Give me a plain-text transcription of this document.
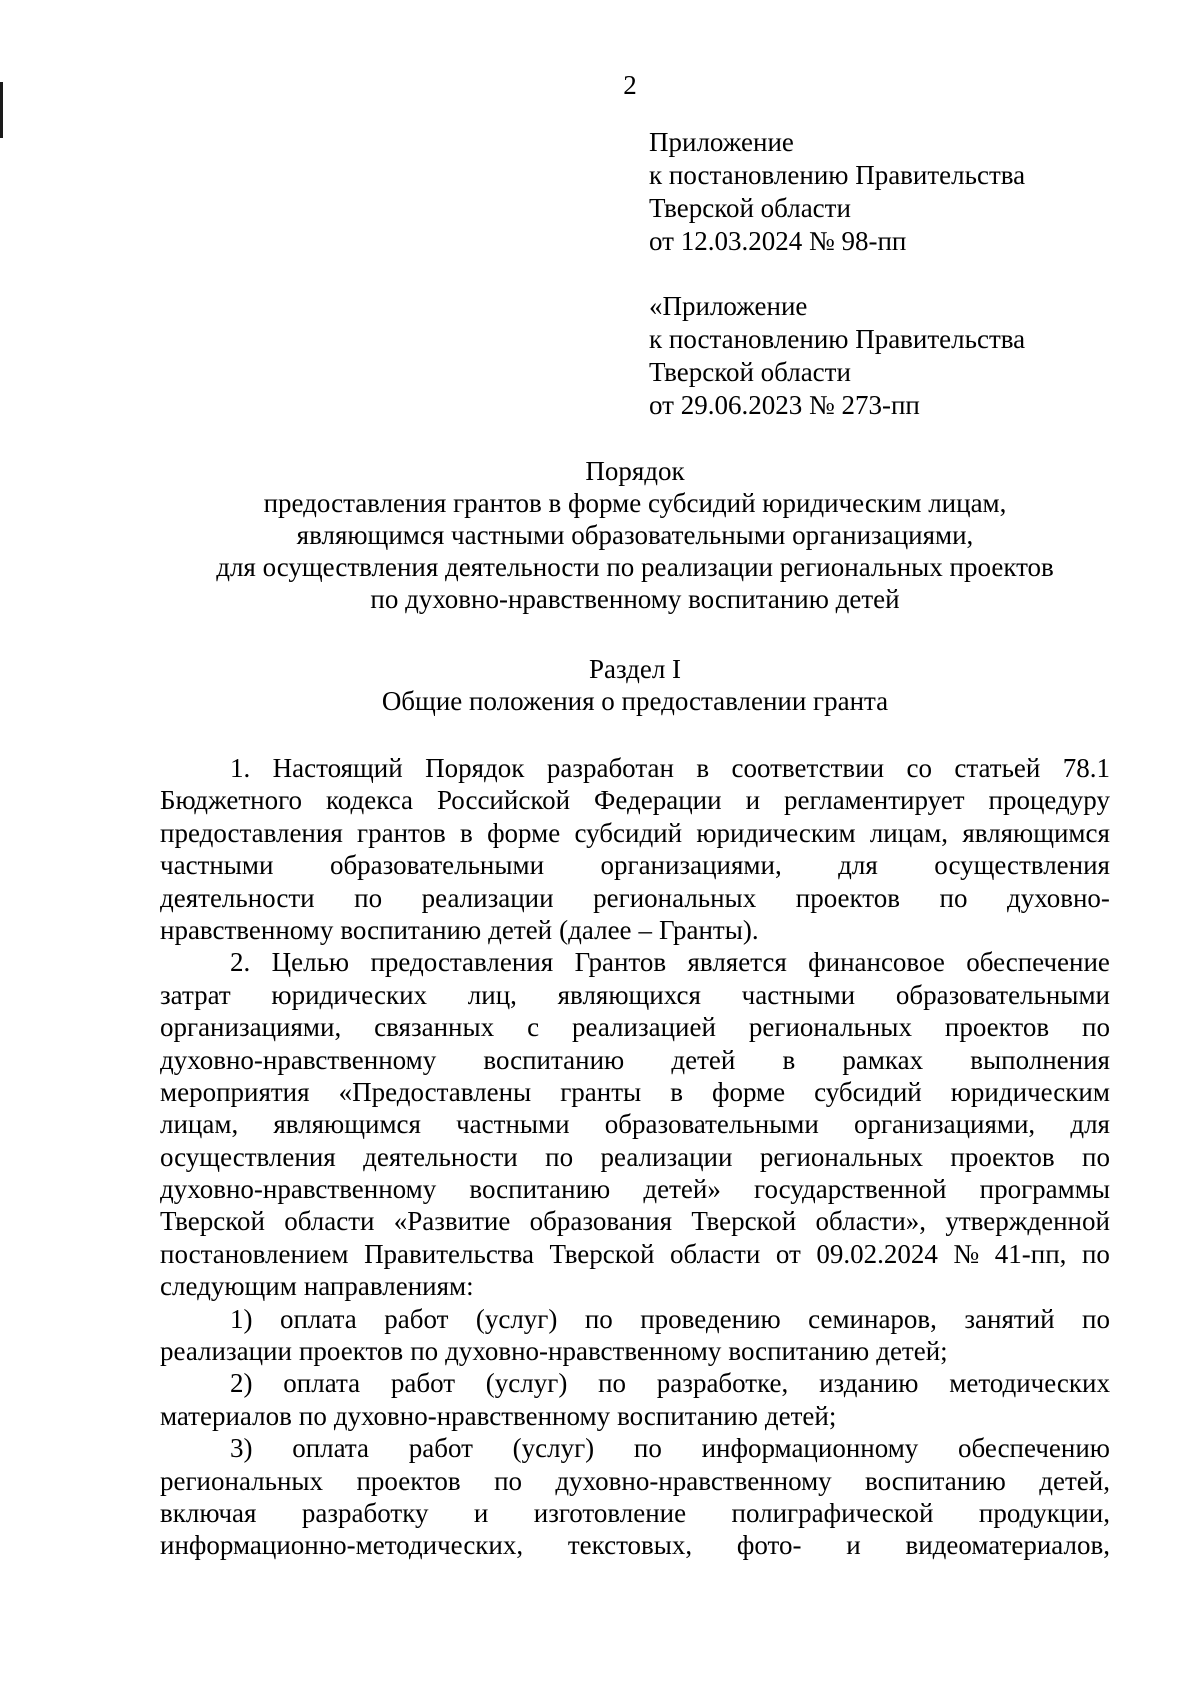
2
Приложение
к постановлению Правительства
Тверской области
от 12.03.2024 № 98-пп
«Приложение
к постановлению Правительства
Тверской области
от 29.06.2023 № 273-пп
Порядок
предоставления грантов в форме субсидий юридическим лицам,
являющимся частными образовательными организациями,
для осуществления деятельности по реализации региональных проектов
по духовно-нравственному воспитанию детей
Раздел I
Общие положения о предоставлении гранта
1. Настоящий Порядок разработан в соответствии со статьей 78.1
Бюджетного кодекса Российской Федерации и регламентирует процедуру
предоставления грантов в форме субсидий юридическим лицам, являющимся
частными образовательными организациями, для осуществления
деятельности по реализации региональных проектов по духовно-
нравственному воспитанию детей (далее – Гранты).
2. Целью предоставления Грантов является финансовое обеспечение
затрат юридических лиц, являющихся частными образовательными
организациями, связанных с реализацией региональных проектов по
духовно-нравственному воспитанию детей в рамках выполнения
мероприятия «Предоставлены гранты в форме субсидий юридическим
лицам, являющимся частными образовательными организациями, для
осуществления деятельности по реализации региональных проектов по
духовно-нравственному воспитанию детей» государственной программы
Тверской области «Развитие образования Тверской области», утвержденной
постановлением Правительства Тверской области от 09.02.2024 № 41-пп, по
следующим направлениям:
1) оплата работ (услуг) по проведению семинаров, занятий по
реализации проектов по духовно-нравственному воспитанию детей;
2) оплата работ (услуг) по разработке, изданию методических
материалов по духовно-нравственному воспитанию детей;
3) оплата работ (услуг) по информационному обеспечению
региональных проектов по духовно-нравственному воспитанию детей,
включая разработку и изготовление полиграфической продукции,
информационно-методических, текстовых, фото- и видеоматериалов,
